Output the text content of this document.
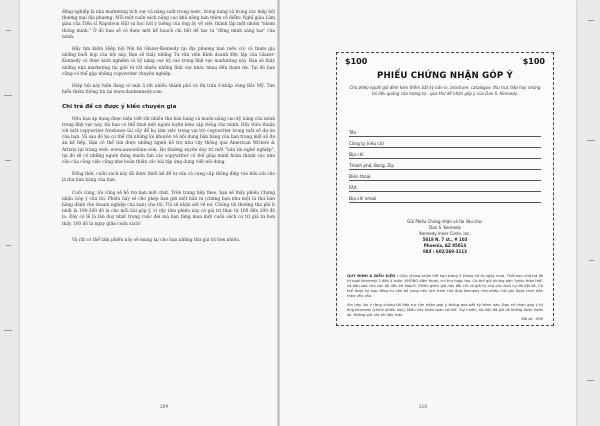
đồng nghiệp là nhà marketing tích cực và năng suất trong nước, trong bang và trong các hiệp hội thương mại địa phương. Mỗi một cuốn sách năng cao khả năng bán thêm cở điểm: Nghĩ giàu Làm giàu của Tiến sĩ Napoleon Hill và học hỏi ý tưởng của ông ấy về việc thành lập một nhóm "nhóm thông minh." Ở đó bạn sẽ có được một kế hoạch chi tiết để tạo ra "đồng minh sáng tạo" của mình.

Hãy tìm kiếm Hiệp hội Nội bộ Glazer-Kennedy tại địa phương bạn (nếu có) và tham gia những buổi họp của hội này. Bạn sẽ thấy những Tư vấn viên Kinh doanh Độc lập của Glazer-Kennedy có được kinh nghiệm và kỹ năng cực kỳ cao trong lĩnh vực marketing này. Bạn sẽ thấy những nhà marketing tài giỏi từ rất nhiều những lĩnh vực khác nhau đến tham dự. Tại đó bạn cũng có thể gặp những copywriter chuyên nghiệp.

Hiệp hội này hiện đang có mặt ở rất nhiều thành phố và thị trấn ở khắp vùng Bắc Mỹ. Tìm hiểu thêm thông tin tại www.dankennedy.com

Chi trả để có được ý kiến chuyên gia

Nếu bạn áp dụng được hiệu viết rất nhiều thư bán hàng và muốn nâng cao kỹ năng của mình trong lĩnh vực này, thì bạn có thể thuê một người luyện kèm cặp riêng cho mình. Hãy thỏa thuận với một copywriter freelance tài cấy để họ làm việc trong vai trò copywriter trong một số dự án của bạn. Và sau đó họ có thể chỉ những lời khuyên về nội dung bản hàng của bạn trong một số dự án kế tiếp. Bạn có thể tìm được những người hỗ trợ như vậy thông qua American Writers & Artists tại trang web: www.awaionline.com. Họ thường xuyên duy trì một "bản tin nghề nghiệp", tại đó sẽ có những người đang muốn tìm các copywriter có thể giúp mình hoàn thành các nhu cầu của công việc cũng như hoàn thiện các bài tập ứng dụng viết nội dung.

Đồng thời, cuốn sách này đã được thiết kế để tư vấn và cung cấp thông điệp vào hữu ích cho là thư bán hàng của bạn.

Cuối cùng, tôi cũng sẽ hỗ trợ bạn một chút. Trên trang tiếp theo, bạn sẽ thấy phiếu Chứng nhận Góp ý của tôi. Phiếu này sẽ cho phép bạn gửi một bản in (chứng bạn như một lá thư bán hàng dành cho doanh nghiệp của bạn) cho tôi. Tôi sẽ nhận xét về nó. Chúng tôi thường thu phí ít nhất là 100-200 đô la cho mỗi bài góp ý, vì vậy tấm phiếu này có giá trị thực từ 100 đến 200 đô la. Đây có lẽ là lần duy nhất trong cuộc đời mà bạn từng mua một cuốn sách có trị giá từ hơn thấy 100 đô la ngay giữa cuốn sách!

Và rất có thể tấm phiếu này sẽ mang lại cho bạn những thứ giá trị hơn nhiều.

209
$100	$100
PHIẾU CHỨNG NHẬN GÓP Ý
Cho phép người giữ đính kèm thêm bất kỳ bản in, brochure, catalogue, thư trực tiếp hay những tài liệu quảng cáo tương tự - qua thư để nhận góp ý của Dan S. Kennedy.
Tên
Công ty (nếu có)
Địa chỉ
Thành phố, Bang, Zip
Điện thoại
FAX
Địa chỉ email
Gửi Phiếu Chứng nhận và tài liệu cho:
Dan S. Kennedy
Kennedy Inner Circle, Inc.
5818 N. 7 st., # 103
Phoenix, AZ 85014
FAX : 602/269-3113
QUY ĐỊNH & ĐIỀU KIỆN : Giấy chứng nhận hết hạn trong 2 tháng kể từ ngày mua. Thời hạn chờ trả lời từ ngài Kennedy 2 đến 4 tuần. KHÔNG điện thoại, chỉ thư hoặc fax. Có thể gửi những bản "phác thảo thô" và bản sao cho các tài liệu kế hoạch. Phiếu giảm giá này đổi chỉ có giá trị cho các dịch vụ đã liệt kê. Có thể được ký hợp đồng tư vấn bổ sung nếu lịch trình của ông Kennedy cho phép; hỏi ghi được trích dẫn theo yêu cầu.
Xin hãy lưu ý rằng chúng tôi tiếp tục tìm nhận góp ý thông qua bất kỳ kênh nào. Bạn sẽ nhận góp ý từ ông Kennedy (chính phiếu này). Điều này hoàn toàn có thể. Tuy nhiên, tài liệu đã gửi sẽ không được hoàn lại. Không gửi các tài liệu mật.
Mã số : 096
210
